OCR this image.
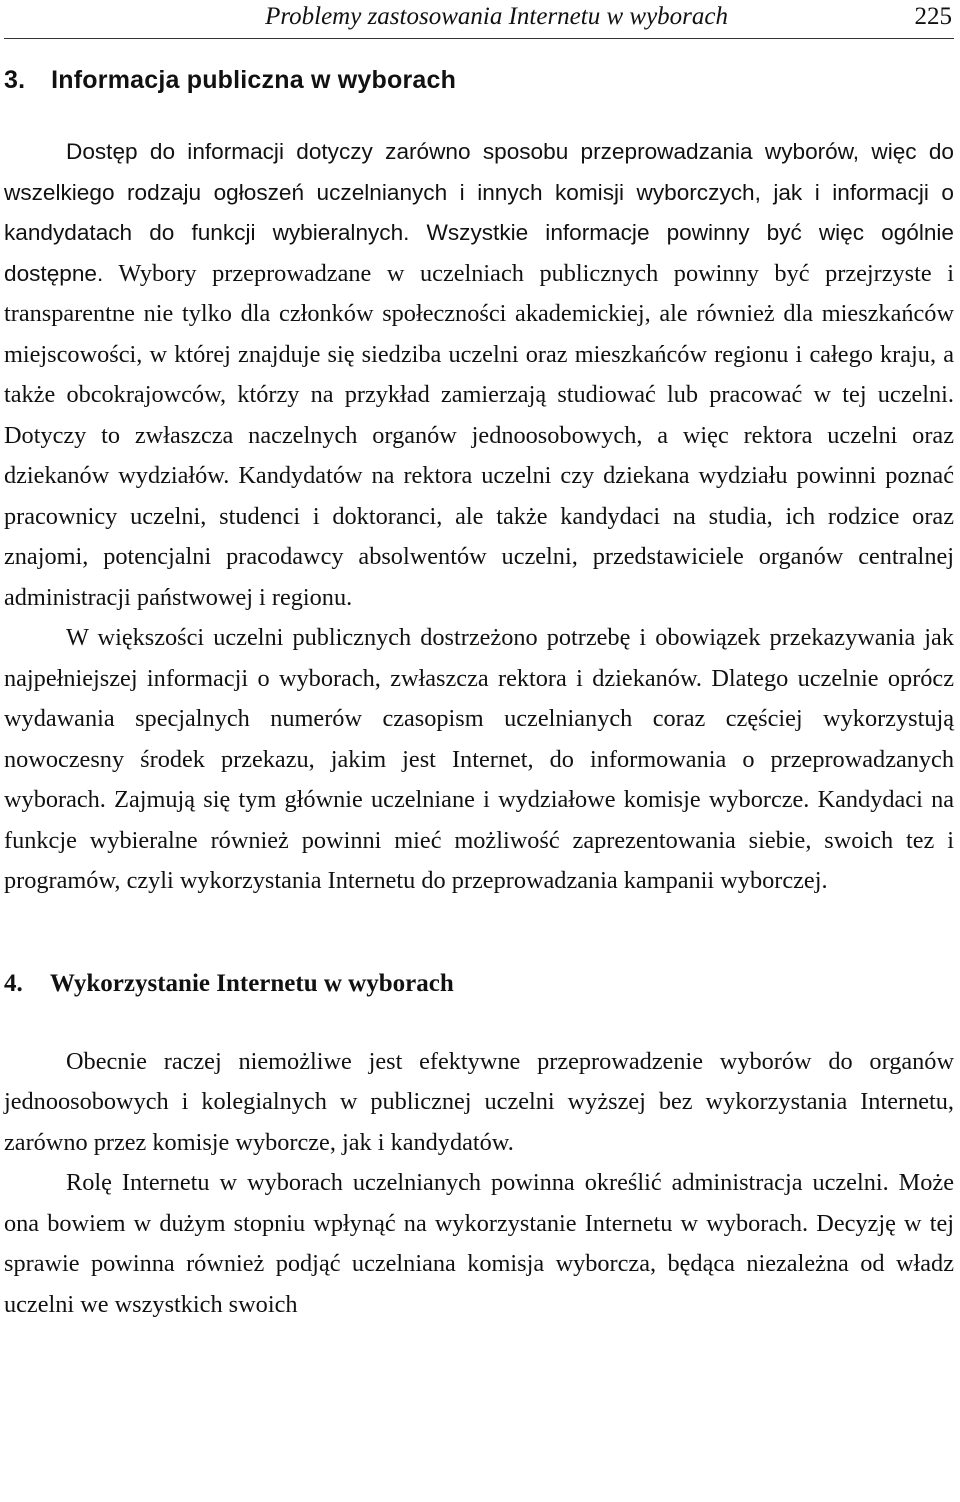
Problemy zastosowania Internetu w wyborach	225
3. Informacja publiczna w wyborach

Dostęp do informacji dotyczy zarówno sposobu przeprowadzania wyborów, więc do wszelkiego rodzaju ogłoszeń uczelnianych i innych komisji wyborczych, jak i informacji o kandydatach do funkcji wybieralnych. Wszystkie informacje powinny być więc ogólnie dostępne. Wybory przeprowadzane w uczelniach publicznych powinny być przejrzyste i transparentne nie tylko dla członków społeczności akademickiej, ale również dla mieszkańców miejscowości, w której znajduje się siedziba uczelni oraz mieszkańców regionu i całego kraju, a także obcokrajowców, którzy na przykład zamierzają studiować lub pracować w tej uczelni. Dotyczy to zwłaszcza naczelnych organów jednoosobowych, a więc rektora uczelni oraz dziekanów wydziałów. Kandydatów na rektora uczelni czy dziekana wydziału powinni poznać pracownicy uczelni, studenci i doktoranci, ale także kandydaci na studia, ich rodzice oraz znajomi, potencjalni pracodawcy absolwentów uczelni, przedstawiciele organów centralnej administracji państwowej i regionu.

W większości uczelni publicznych dostrzeżono potrzebę i obowiązek przekazywania jak najpełniejszej informacji o wyborach, zwłaszcza rektora i dziekanów. Dlatego uczelnie oprócz wydawania specjalnych numerów czasopism uczelnianych coraz częściej wykorzystują nowoczesny środek przekazu, jakim jest Internet, do informowania o przeprowadzanych wyborach. Zajmują się tym głównie uczelniane i wydziałowe komisje wyborcze. Kandydaci na funkcje wybieralne również powinni mieć możliwość zaprezentowania siebie, swoich tez i programów, czyli wykorzystania Internetu do przeprowadzania kampanii wyborczej.

4. Wykorzystanie Internetu w wyborach

Obecnie raczej niemożliwe jest efektywne przeprowadzenie wyborów do organów jednoosobowych i kolegialnych w publicznej uczelni wyższej bez wykorzystania Internetu, zarówno przez komisje wyborcze, jak i kandydatów.

Rolę Internetu w wyborach uczelnianych powinna określić administracja uczelni. Może ona bowiem w dużym stopniu wpłynąć na wykorzystanie Internetu w wyborach. Decyzję w tej sprawie powinna również podjąć uczelniana komisja wyborcza, będąca niezależna od władz uczelni we wszystkich swoich
